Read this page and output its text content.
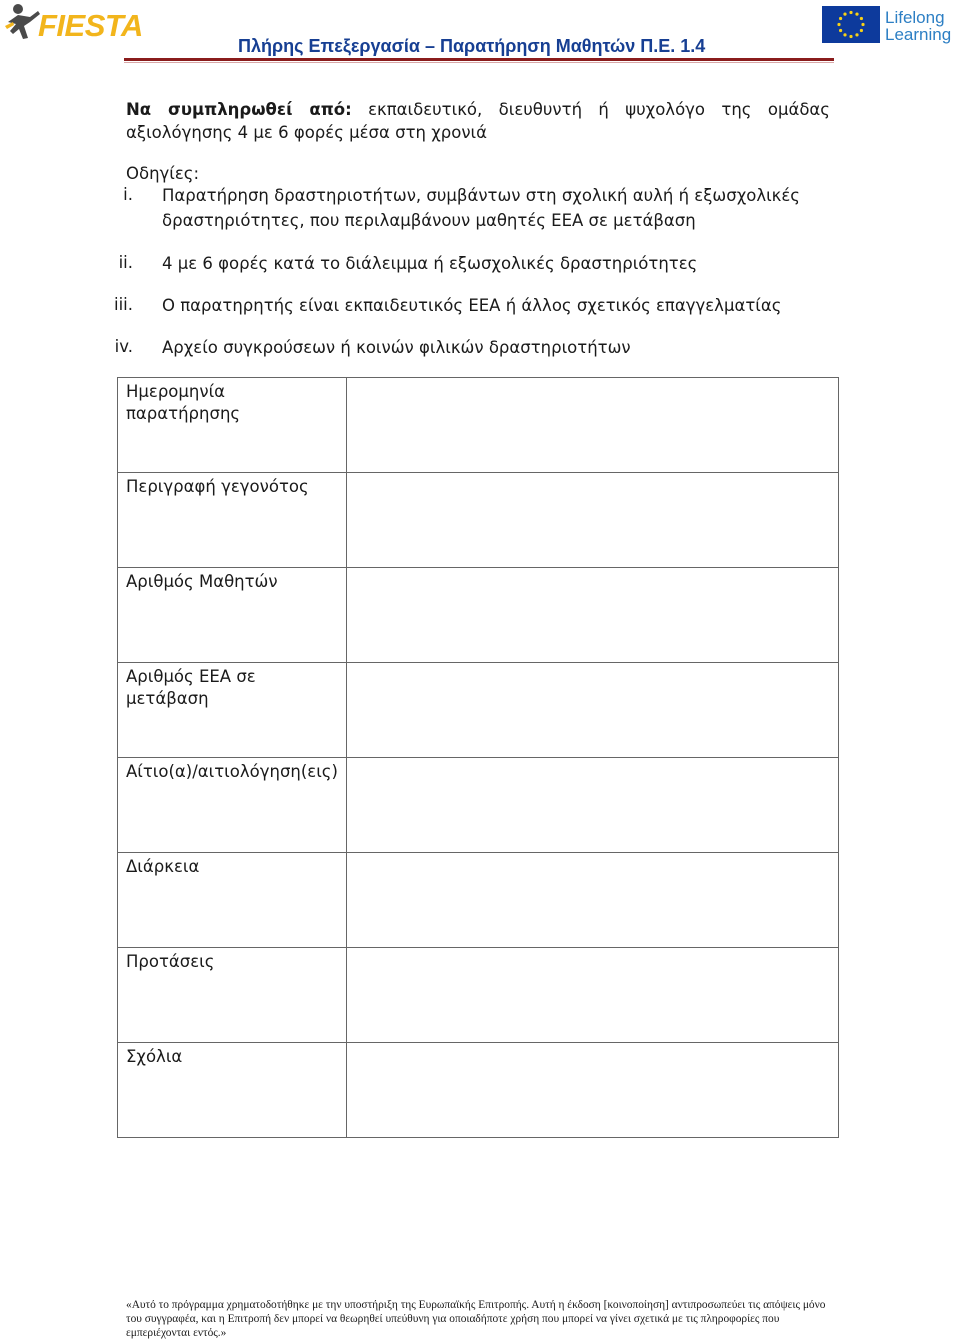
FIESTA
Πλήρης Επεξεργασία – Παρατήρηση Μαθητών Π.Ε. 1.4
Lifelong
Learning
Να συμπληρωθεί από: εκπαιδευτικό, διευθυντή ή ψυχολόγο της ομάδας αξιολόγησης 4 με 6 φορές μέσα στη χρονιά
Οδηγίες:
i. Παρατήρηση δραστηριοτήτων, συμβάντων στη σχολική αυλή ή εξωσχολικές δραστηριότητες, που περιλαμβάνουν μαθητές ΕΕΑ σε μετάβαση
ii. 4 με 6 φορές κατά το διάλειμμα ή εξωσχολικές δραστηριότητες
iii. Ο παρατηρητής είναι εκπαιδευτικός ΕΕΑ ή άλλος σχετικός επαγγελματίας
iv. Αρχείο συγκρούσεων ή κοινών φιλικών δραστηριοτήτων
Ημερομηνία παρατήρησης	
Περιγραφή γεγονότος	
Αριθμός Μαθητών	
Αριθμός ΕΕΑ σε μετάβαση	
Αίτιο(α)/αιτιολόγηση(εις)	
Διάρκεια	
Προτάσεις	
Σχόλια	
«Αυτό το πρόγραμμα χρηματοδοτήθηκε με την υποστήριξη της Ευρωπαϊκής Επιτροπής. Αυτή η έκδοση [κοινοποίηση] αντιπροσωπεύει τις απόψεις μόνο του συγγραφέα, και η Επιτροπή δεν μπορεί να θεωρηθεί υπεύθυνη για οποιαδήποτε χρήση που μπορεί να γίνει σχετικά με τις πληροφορίες που εμπεριέχονται εντός.»
